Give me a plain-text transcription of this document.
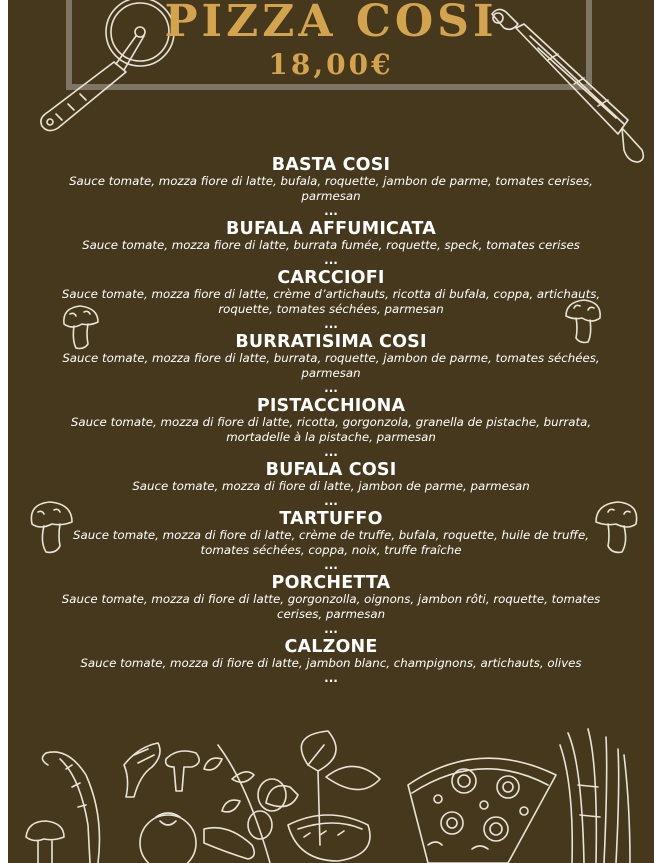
PIZZA COSI
18,00€
BASTA COSI
Sauce tomate, mozza fiore di latte, bufala, roquette, jambon de parme, tomates cerises, parmesan
...
BUFALA AFFUMICATA
Sauce tomate, mozza fiore di latte, burrata fumée, roquette, speck, tomates cerises
...
CARCCIOFI
Sauce tomate, mozza fiore di latte, crème d’artichauts, ricotta di bufala, coppa, artichauts, roquette, tomates séchées, parmesan
...
BURRATISIMA COSI
Sauce tomate, mozza fiore di latte, burrata, roquette, jambon de parme, tomates séchées, parmesan
...
PISTACCHIONA
Sauce tomate, mozza di fiore di latte, ricotta, gorgonzola, granella de pistache, burrata, mortadelle à la pistache, parmesan
...
BUFALA COSI
Sauce tomate, mozza di fiore di latte, jambon de parme, parmesan
...
TARTUFFO
Sauce tomate, mozza di fiore di latte, crème de truffe, bufala, roquette, huile de truffe, tomates séchées, coppa, noix, truffe fraîche
...
PORCHETTA
Sauce tomate, mozza di fiore di latte, gorgonzolla, oignons, jambon rôti, roquette, tomates cerises, parmesan
...
CALZONE
Sauce tomate, mozza di fiore di latte, jambon blanc, champignons, artichauts, olives
...
